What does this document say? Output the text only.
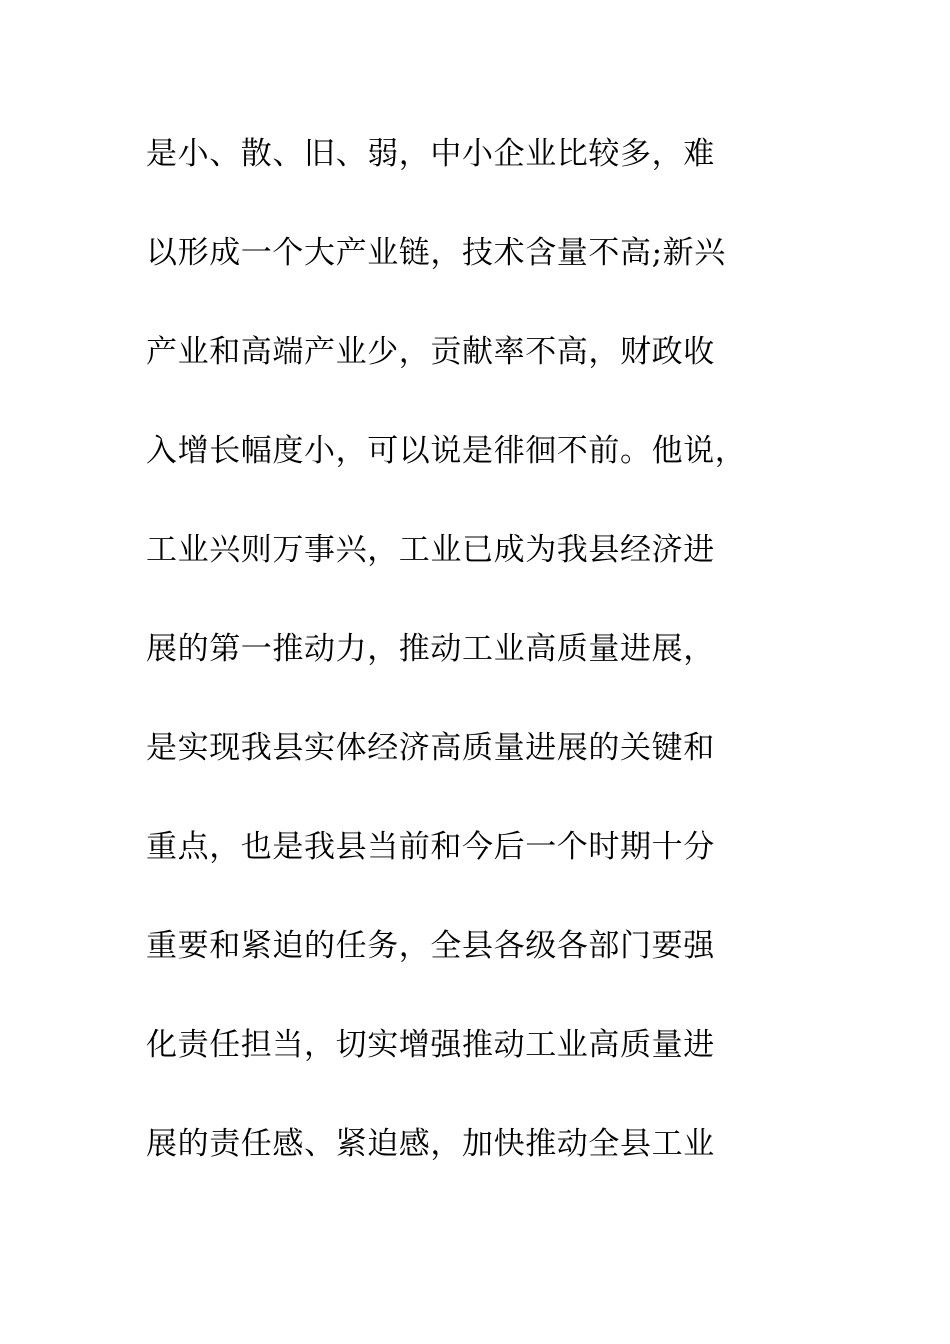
是小、散、旧、弱，中小企业比较多，难
以形成一个大产业链，技术含量不高;新兴
产业和高端产业少，贡献率不高，财政收
入增长幅度小，可以说是徘徊不前。他说，
工业兴则万事兴，工业已成为我县经济进
展的第一推动力，推动工业高质量进展，
是实现我县实体经济高质量进展的关键和
重点，也是我县当前和今后一个时期十分
重要和紧迫的任务，全县各级各部门要强
化责任担当，切实增强推动工业高质量进
展的责任感、紧迫感，加快推动全县工业
